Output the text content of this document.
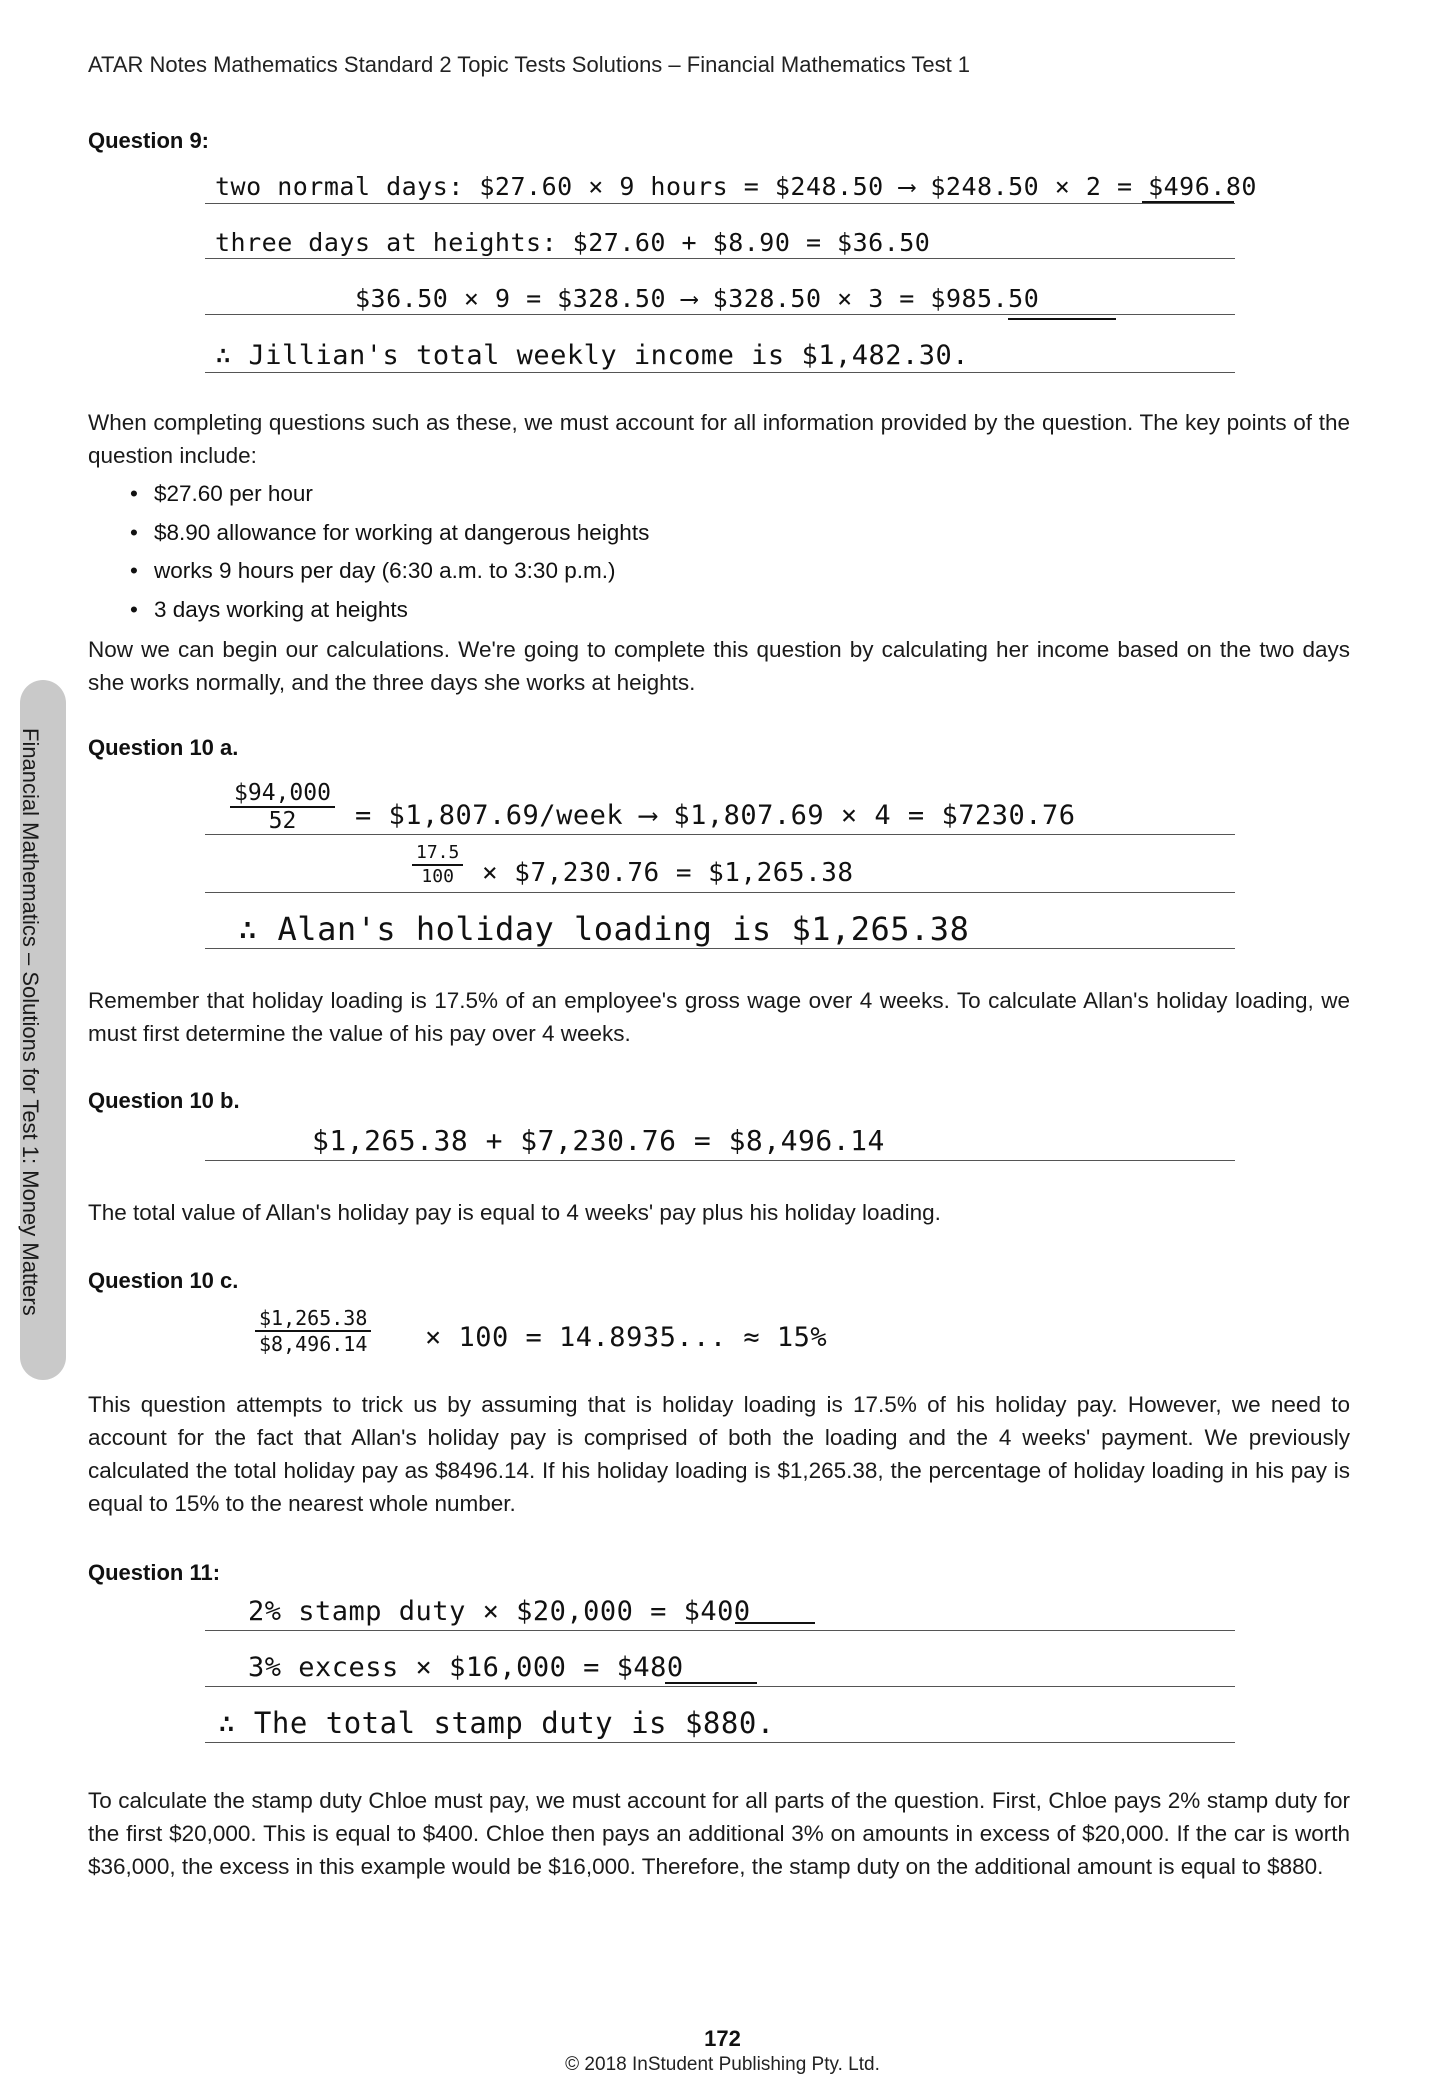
ATAR Notes Mathematics Standard 2 Topic Tests Solutions – Financial Mathematics Test 1
Financial Mathematics – Solutions for Test 1: Money Matters
Question 9:
two normal days: $27.60 × 9 hours = $248.50 ⟶ $248.50 × 2 = $496.80
three days at heights: $27.60 + $8.90 = $36.50
$36.50 × 9 = $328.50 ⟶ $328.50 × 3 = $985.50
∴ Jillian's total weekly income is $1,482.30.
When completing questions such as these, we must account for all information provided by the question. The key points of the question include:
• $27.60 per hour
• $8.90 allowance for working at dangerous heights
• works 9 hours per day (6:30 a.m. to 3:30 p.m.)
• 3 days working at heights
Now we can begin our calculations. We're going to complete this question by calculating her income based on the two days she works normally, and the three days she works at heights.
Question 10 a.
$\frac{\$94,000}{52}$ = $1,807.69/week ⟶ $1,807.69 × 4 = $7230.76
$\frac{17.5}{100}$ × $7,230.76 = $1,265.38
∴ Alan's holiday loading is $1,265.38
Remember that holiday loading is 17.5% of an employee's gross wage over 4 weeks. To calculate Allan's holiday loading, we must first determine the value of his pay over 4 weeks.
Question 10 b.
$1,265.38 + $7,230.76 = $8,496.14
The total value of Allan's holiday pay is equal to 4 weeks' pay plus his holiday loading.
Question 10 c.
$\frac{\$1,265.38}{\$8,496.14} \times 100 = 14.8935$... ≈ 15%
This question attempts to trick us by assuming that is holiday loading is 17.5% of his holiday pay. However, we need to account for the fact that Allan's holiday pay is comprised of both the loading and the 4 weeks' payment. We previously calculated the total holiday pay as $8496.14. If his holiday loading is $1,265.38, the percentage of holiday loading in his pay is equal to 15% to the nearest whole number.
Question 11:
2% stamp duty × $20,000 = $400
3% excess × $16,000 = $480
∴ The total stamp duty is $880.
To calculate the stamp duty Chloe must pay, we must account for all parts of the question. First, Chloe pays 2% stamp duty for the first $20,000. This is equal to $400. Chloe then pays an additional 3% on amounts in excess of $20,000. If the car is worth $36,000, the excess in this example would be $16,000. Therefore, the stamp duty on the additional amount is equal to $880.
172
© 2018 InStudent Publishing Pty. Ltd.
